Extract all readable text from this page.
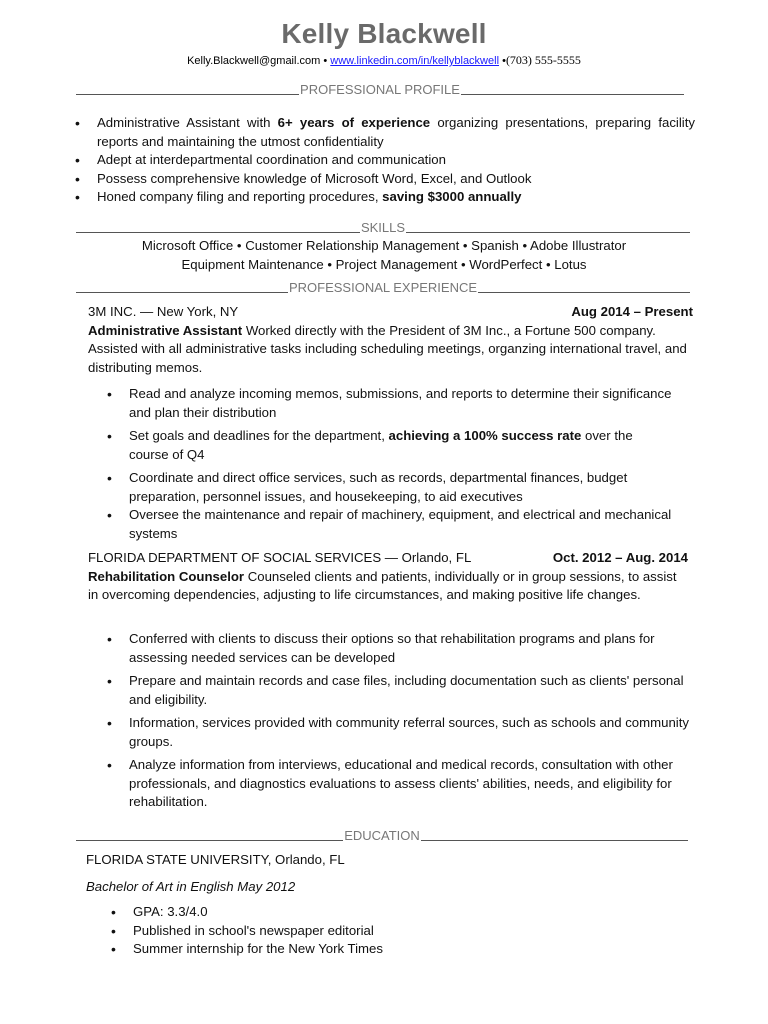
Kelly Blackwell
Kelly.Blackwell@gmail.com • www.linkedin.com/in/kellyblackwell •(703) 555-5555
PROFESSIONAL PROFILE
• Administrative Assistant with 6+ years of experience organizing presentations, preparing facility reports and maintaining the utmost confidentiality
• Adept at interdepartmental coordination and communication
• Possess comprehensive knowledge of Microsoft Word, Excel, and Outlook
• Honed company filing and reporting procedures, saving $3000 annually
SKILLS
Microsoft Office • Customer Relationship Management • Spanish • Adobe Illustrator
Equipment Maintenance • Project Management • WordPerfect • Lotus
PROFESSIONAL EXPERIENCE
3M INC. — New York, NY	Aug 2014 – Present
Administrative Assistant Worked directly with the President of 3M Inc., a Fortune 500 company. Assisted with all administrative tasks including scheduling meetings, organzing international travel, and distributing memos.
• Read and analyze incoming memos, submissions, and reports to determine their significance and plan their distribution
• Set goals and deadlines for the department, achieving a 100% success rate over the course of Q4
• Coordinate and direct office services, such as records, departmental finances, budget preparation, personnel issues, and housekeeping, to aid executives
• Oversee the maintenance and repair of machinery, equipment, and electrical and mechanical systems
FLORIDA DEPARTMENT OF SOCIAL SERVICES — Orlando, FL	Oct. 2012 – Aug. 2014
Rehabilitation Counselor Counseled clients and patients, individually or in group sessions, to assist in overcoming dependencies, adjusting to life circumstances, and making positive life changes.
• Conferred with clients to discuss their options so that rehabilitation programs and plans for assessing needed services can be developed
• Prepare and maintain records and case files, including documentation such as clients' personal and eligibility.
• Information, services provided with community referral sources, such as schools and community groups.
• Analyze information from interviews, educational and medical records, consultation with other professionals, and diagnostics evaluations to assess clients' abilities, needs, and eligibility for rehabilitation.
EDUCATION
FLORIDA STATE UNIVERSITY, Orlando, FL
Bachelor of Art in English May 2012
• GPA: 3.3/4.0
• Published in school's newspaper editorial
• Summer internship for the New York Times
